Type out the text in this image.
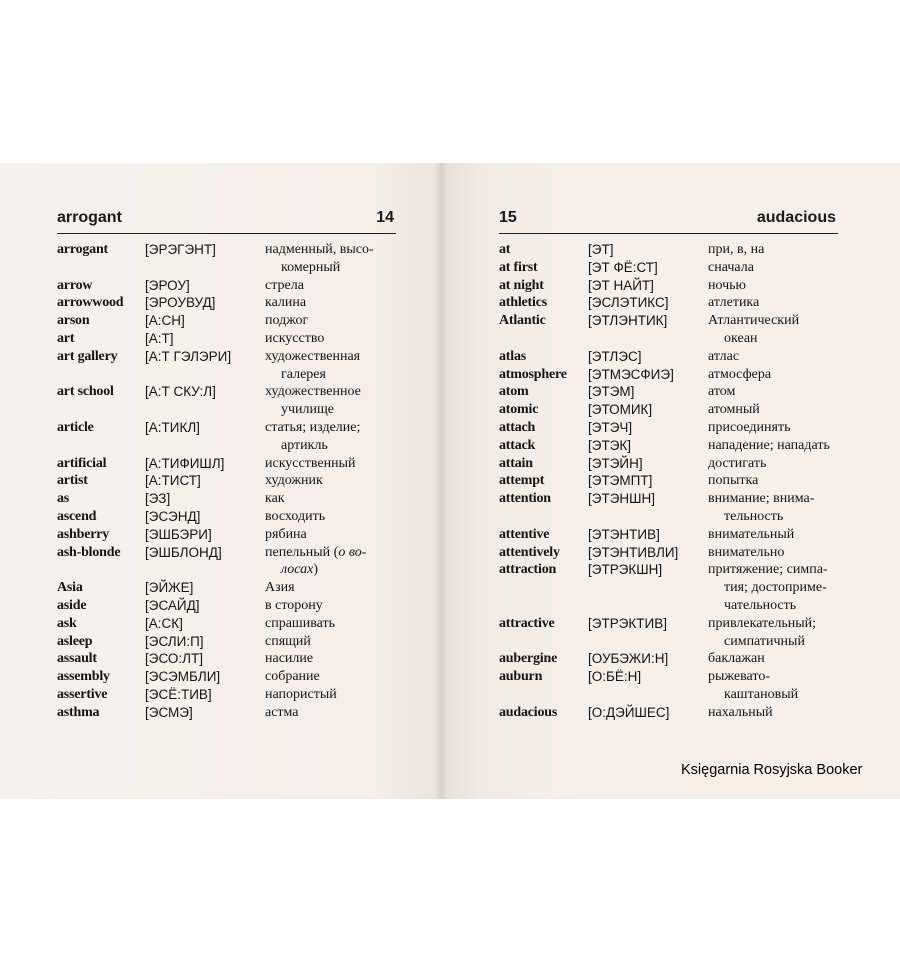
arrogant	14
arrogant	[ЭРЭГЭНТ]	надменный, высо-
комерный
arrow	[ЭРОУ]	стрела
arrowwood [ЭРОУВУД]	калина
arson	[А:СН]	поджог
art	[А:Т]	искусство
art gallery [А:Т ГЭЛЭРИ] художественная
галерея
art school [А:Т СКУ:Л]	художественное
училище
article	[А:ТИКЛ]	статья; изделие;
артикль
artificial	[А:ТИФИШЛ]	искусственный
artist	[А:ТИСТ]	художник
as	[ЭЗ]	как
ascend	[ЭСЭНД]	восходить
ashberry	[ЭШБЭРИ]	рябина
ash-blonde [ЭШБЛОНД]	пепельный (о во-
лосах)
Asia	[ЭЙЖЕ]	Азия
aside	[ЭСАЙД]	в сторону
ask	[А:СК]	спрашивать
asleep	[ЭСЛИ:П]	спящий
assault	[ЭСО:ЛТ]	насилие
assembly	[ЭСЭМБЛИ]	собрание
assertive	[ЭСЁ:ТИВ]	напористый
asthma	[ЭСМЭ]	астма
15	audacious
at	[ЭТ]	при, в, на
at first	[ЭТ ФЁ:СТ]	сначала
at night	[ЭТ НАЙТ]	ночью
athletics	[ЭСЛЭТИКС]	атлетика
Atlantic	[ЭТЛЭНТИК]	Атлантический
океан
atlas	[ЭТЛЭС]	атлас
atmosphere [ЭТМЭСФИЭ] атмосфера
atom	[ЭТЭМ]	атом
atomic	[ЭТОМИК]	атомный
attach	[ЭТЭЧ]	присоединять
attack	[ЭТЭК]	нападение; нападать
attain	[ЭТЭЙН]	достигать
attempt	[ЭТЭМПТ]	попытка
attention	[ЭТЭНШН]	внимание; внима-
тельность
attentive	[ЭТЭНТИВ]	внимательный
attentively [ЭТЭНТИВЛИ] внимательно
attraction [ЭТРЭКШН]	притяжение; симпа-
тия; достоприме-
чательность
attractive [ЭТРЭКТИВ]	привлекательный;
симпатичный
aubergine [ОУБЭЖИ:Н]	баклажан
auburn	[О:БЁ:Н]	рыжевато-
каштановый
audacious [О:ДЭЙШЕС]	нахальный
Księgarnia Rosyjska Booker
